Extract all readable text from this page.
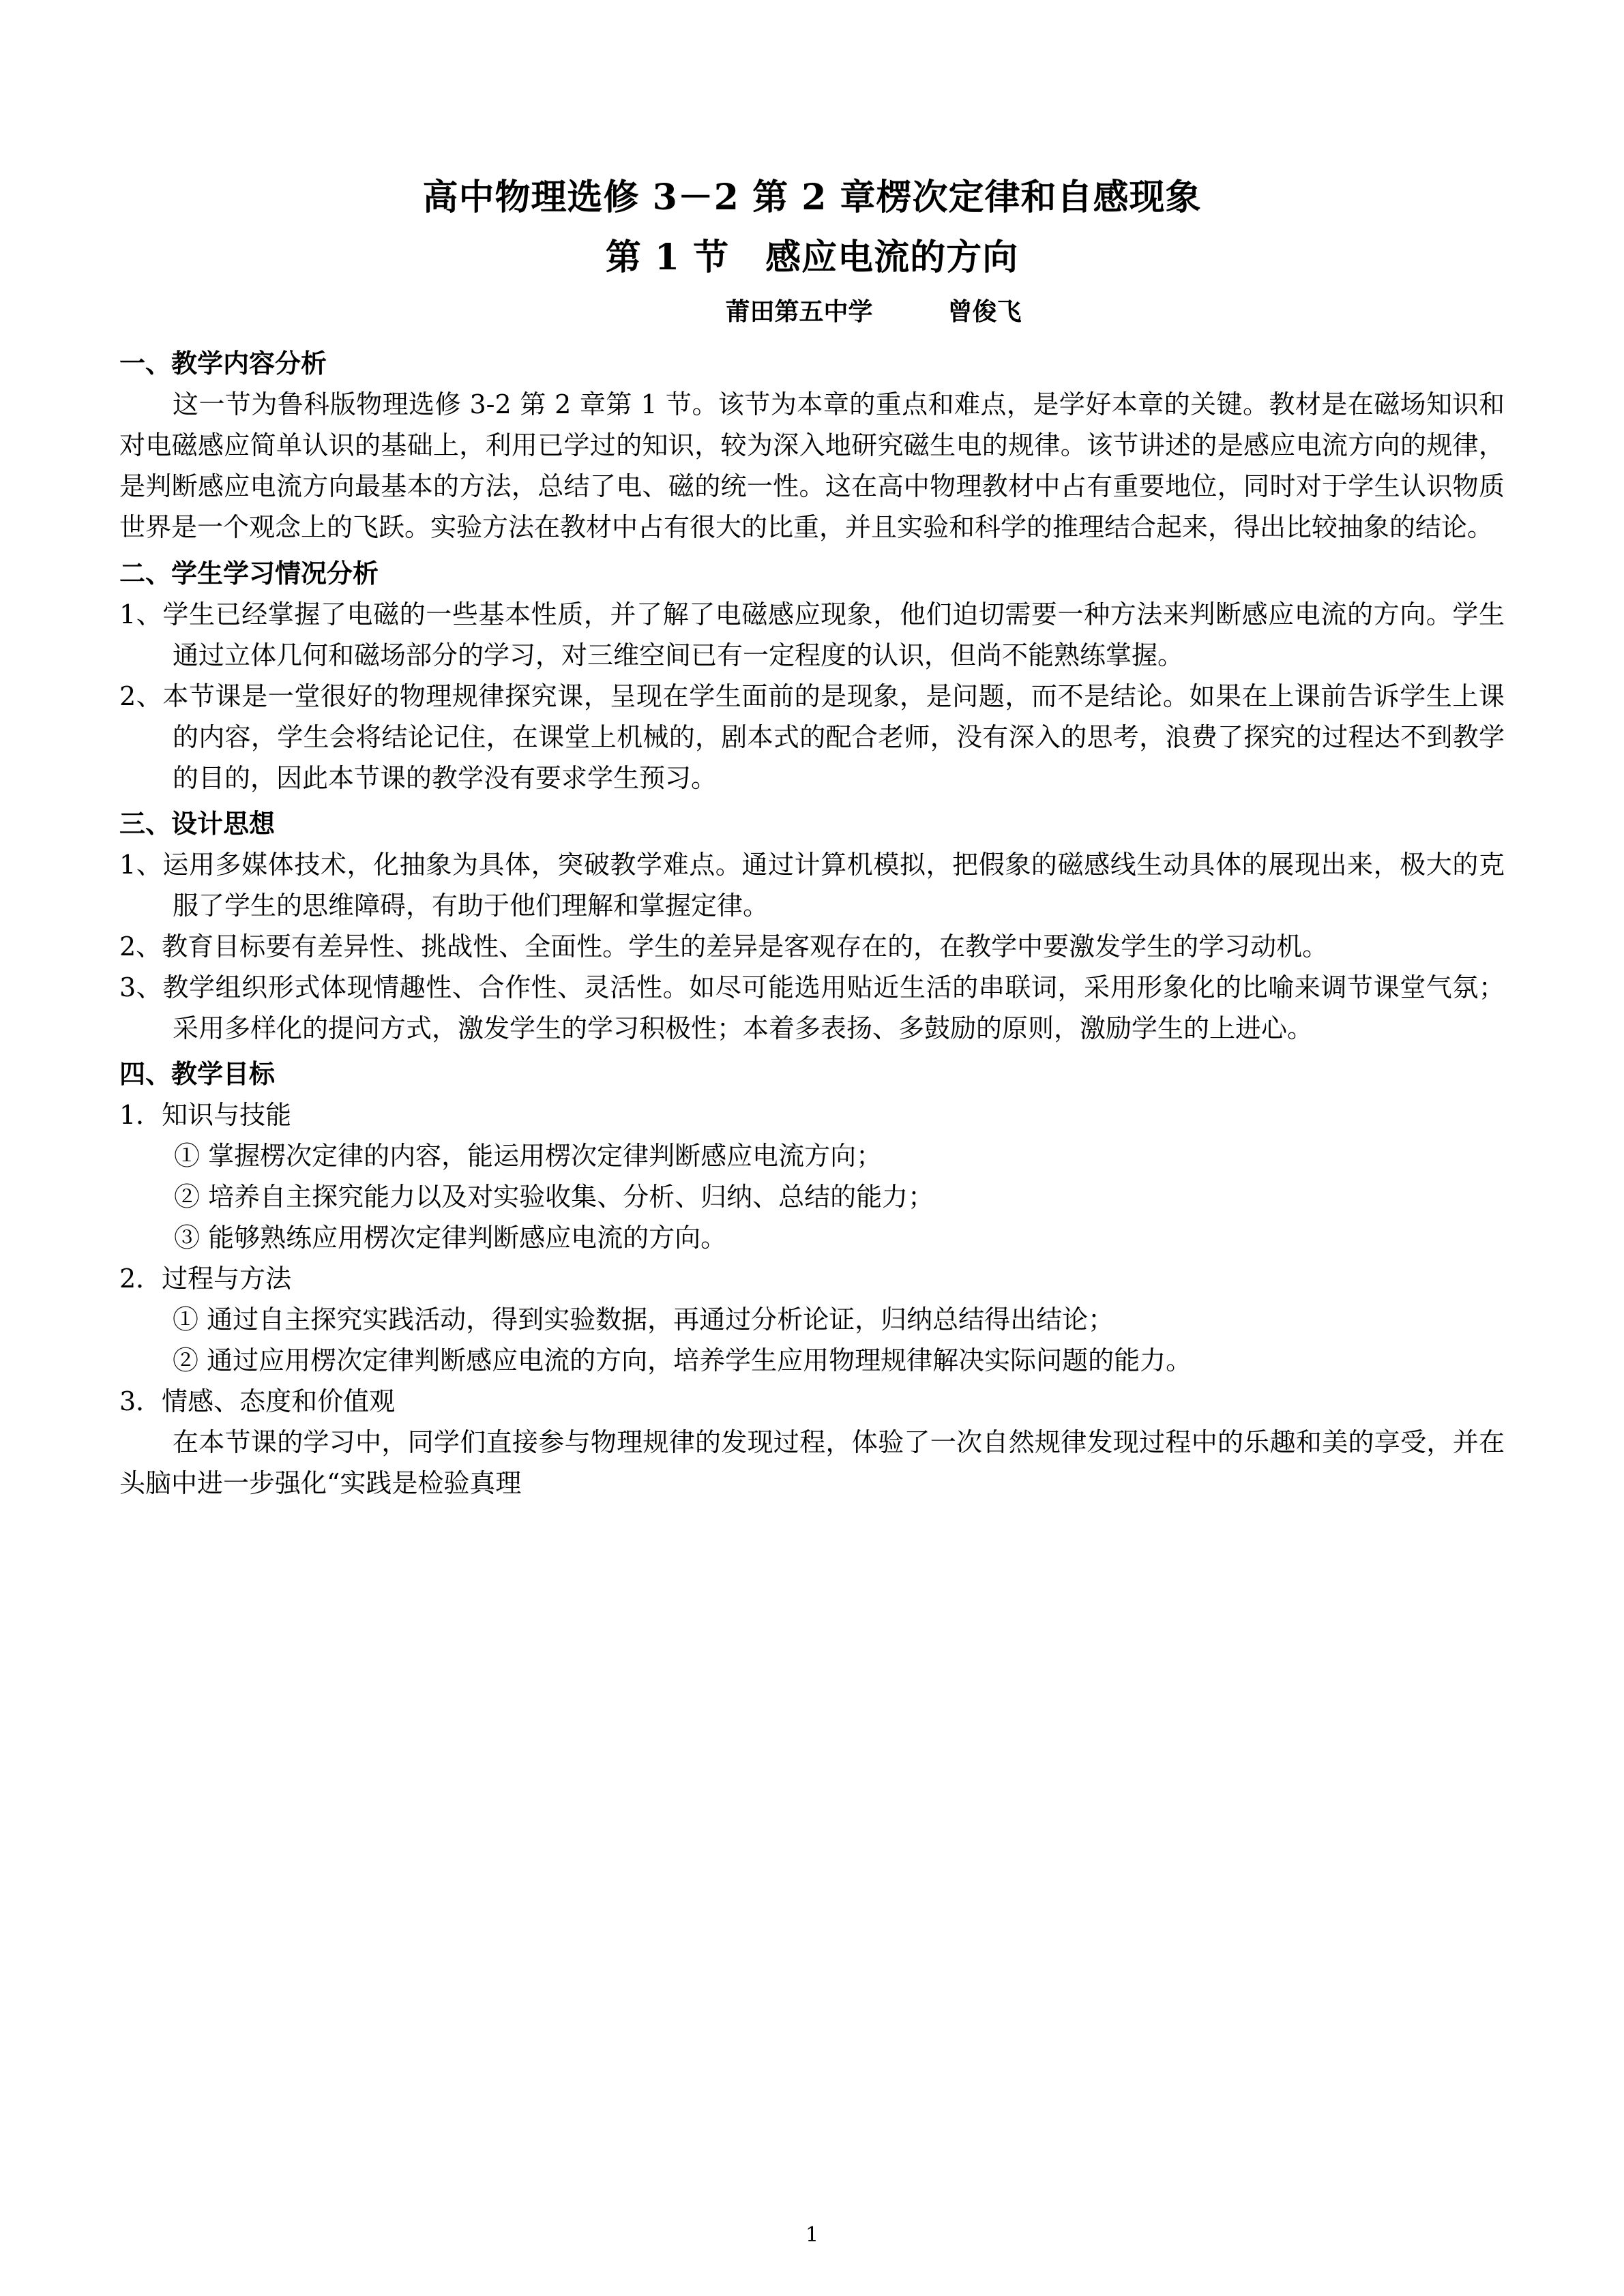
高中物理选修 3－2 第 2 章楞次定律和自感现象
第 1 节　感应电流的方向
莆田第五中学	曾俊飞
一、教学内容分析

这一节为鲁科版物理选修 3-2 第 2 章第 1 节。该节为本章的重点和难点，是学好本章的关键。教材是在磁场知识和对电磁感应简单认识的基础上，利用已学过的知识，较为深入地研究磁生电的规律。该节讲述的是感应电流方向的规律，是判断感应电流方向最基本的方法，总结了电、磁的统一性。这在高中物理教材中占有重要地位，同时对于学生认识物质世界是一个观念上的飞跃。实验方法在教材中占有很大的比重，并且实验和科学的推理结合起来，得出比较抽象的结论。

二、学生学习情况分析

1、学生已经掌握了电磁的一些基本性质，并了解了电磁感应现象，他们迫切需要一种方法来判断感应电流的方向。学生通过立体几何和磁场部分的学习，对三维空间已有一定程度的认识，但尚不能熟练掌握。

2、本节课是一堂很好的物理规律探究课，呈现在学生面前的是现象，是问题，而不是结论。如果在上课前告诉学生上课的内容，学生会将结论记住，在课堂上机械的，剧本式的配合老师，没有深入的思考，浪费了探究的过程达不到教学的目的，因此本节课的教学没有要求学生预习。

三、设计思想

1、运用多媒体技术，化抽象为具体，突破教学难点。通过计算机模拟，把假象的磁感线生动具体的展现出来，极大的克服了学生的思维障碍，有助于他们理解和掌握定律。

2、教育目标要有差异性、挑战性、全面性。学生的差异是客观存在的，在教学中要激发学生的学习动机。

3、教学组织形式体现情趣性、合作性、灵活性。如尽可能选用贴近生活的串联词，采用形象化的比喻来调节课堂气氛；采用多样化的提问方式，激发学生的学习积极性；本着多表扬、多鼓励的原则，激励学生的上进心。

四、教学目标

1．知识与技能

① 掌握楞次定律的内容，能运用楞次定律判断感应电流方向；

② 培养自主探究能力以及对实验收集、分析、归纳、总结的能力；

③ 能够熟练应用楞次定律判断感应电流的方向。

2．过程与方法

① 通过自主探究实践活动，得到实验数据，再通过分析论证，归纳总结得出结论；

② 通过应用楞次定律判断感应电流的方向，培养学生应用物理规律解决实际问题的能力。

3．情感、态度和价值观

在本节课的学习中，同学们直接参与物理规律的发现过程，体验了一次自然规律发现过程中的乐趣和美的享受，并在头脑中进一步强化“实践是检验真理

1
